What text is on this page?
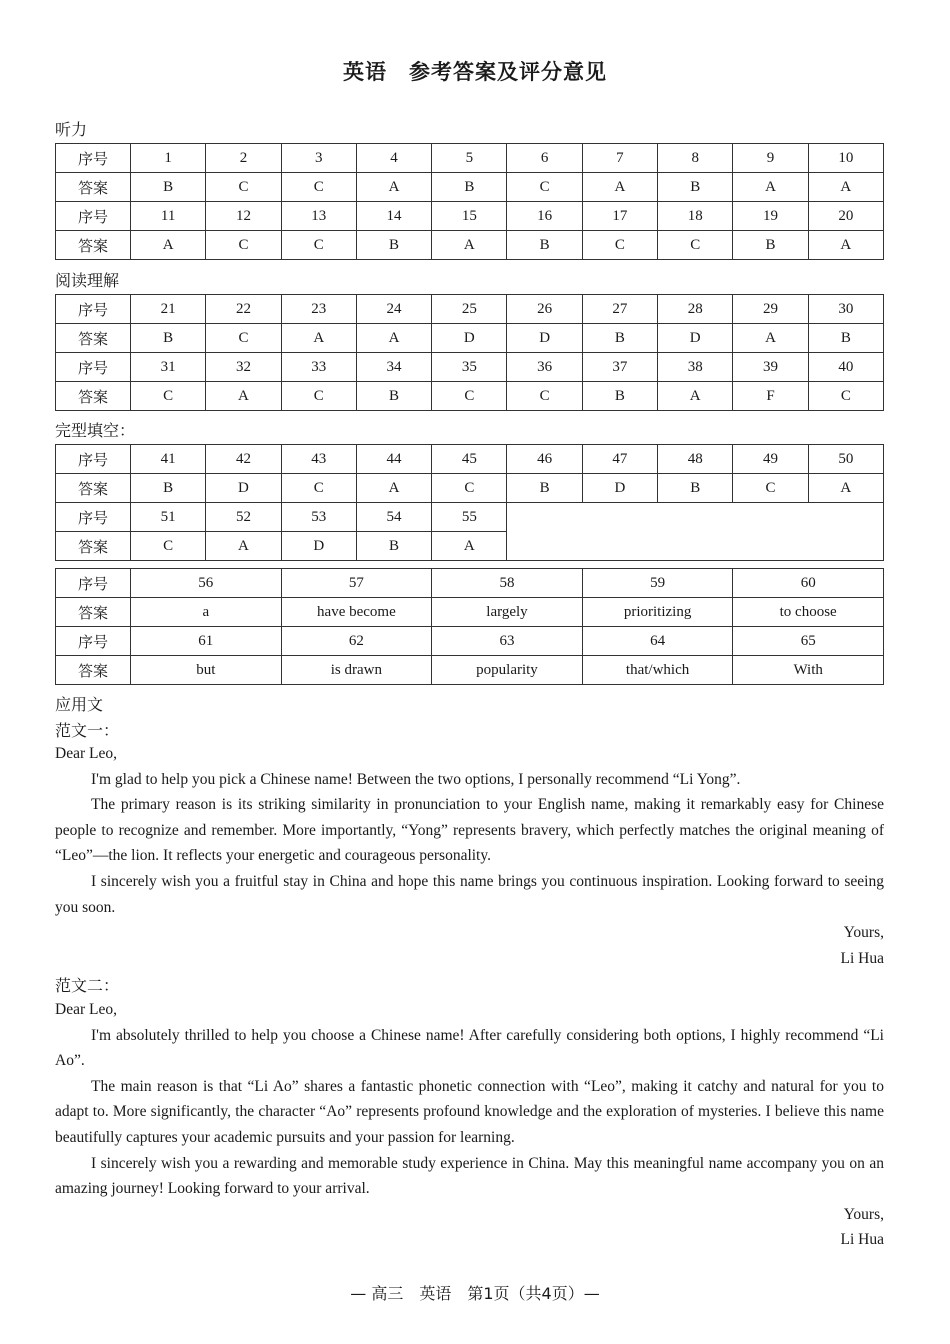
英语　参考答案及评分意见
听力
序号	1	2	3	4	5	6	7	8	9	10
答案	B	C	C	A	B	C	A	B	A	A
序号	11	12	13	14	15	16	17	18	19	20
答案	A	C	C	B	A	B	C	C	B	A
阅读理解
序号	21	22	23	24	25	26	27	28	29	30
答案	B	C	A	A	D	D	B	D	A	B
序号	31	32	33	34	35	36	37	38	39	40
答案	C	A	C	B	C	C	B	A	F	C
完型填空：
序号	41	42	43	44	45	46	47	48	49	50
答案	B	D	C	A	C	B	D	B	C	A
序号	51	52	53	54	55					
答案	C	A	D	B	A					
序号	56	57	58	59	60
答案	a	have become	largely	prioritizing	to choose
序号	61	62	63	64	65
答案	but	is drawn	popularity	that/which	With
应用文
范文一：

Dear Leo,

I'm glad to help you pick a Chinese name! Between the two options, I personally recommend “Li Yong”.

The primary reason is its striking similarity in pronunciation to your English name, making it remarkably easy for Chinese people to recognize and remember. More importantly, “Yong” represents bravery, which perfectly matches the original meaning of “Leo”—the lion. It reflects your energetic and courageous personality.

I sincerely wish you a fruitful stay in China and hope this name brings you continuous inspiration. Looking forward to seeing you soon.

Yours,

Li Hua

范文二：

Dear Leo,

I'm absolutely thrilled to help you choose a Chinese name! After carefully considering both options, I highly recommend “Li Ao”.

The main reason is that “Li Ao” shares a fantastic phonetic connection with “Leo”, making it catchy and natural for you to adapt to. More significantly, the character “Ao” represents profound knowledge and the exploration of mysteries. I believe this name beautifully captures your academic pursuits and your passion for learning.

I sincerely wish you a rewarding and memorable study experience in China. May this meaningful name accompany you on an amazing journey! Looking forward to your arrival.

Yours,

Li Hua

— 高三　英语　第1页（共4页）—
